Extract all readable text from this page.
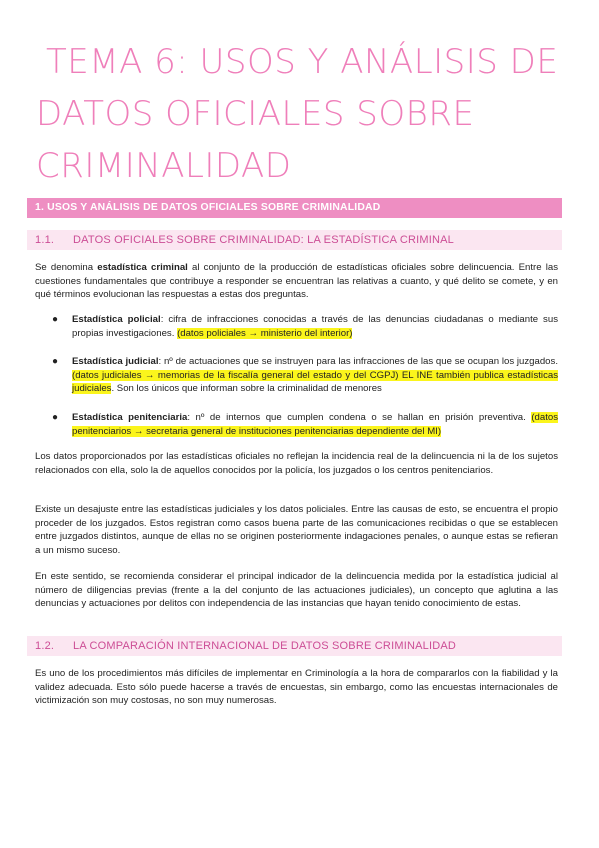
TEMA 6: USOS Y ANÁLISIS DE
DATOS OFICIALES SOBRE
CRIMINALIDAD
1. USOS Y ANÁLISIS DE DATOS OFICIALES SOBRE CRIMINALIDAD
1.1. DATOS OFICIALES SOBRE CRIMINALIDAD: LA ESTADÍSTICA CRIMINAL
Se denomina estadística criminal al conjunto de la producción de estadísticas oficiales sobre delincuencia. Entre las cuestiones fundamentales que contribuye a responder se encuentran las relativas a cuanto, y qué delito se comete, y en qué términos evolucionan las respuestas a estas dos preguntas.
● Estadística policial: cifra de infracciones conocidas a través de las denuncias ciudadanas o mediante sus propias investigaciones. (datos policiales → ministerio del interior)
● Estadística judicial: nº de actuaciones que se instruyen para las infracciones de las que se ocupan los juzgados. (datos judiciales → memorias de la fiscalía general del estado y del CGPJ) EL INE también publica estadísticas judiciales. Son los únicos que informan sobre la criminalidad de menores
● Estadística penitenciaria: nº de internos que cumplen condena o se hallan en prisión preventiva. (datos penitenciarios → secretaria general de instituciones penitenciarias dependiente del MI)
Los datos proporcionados por las estadísticas oficiales no reflejan la incidencia real de la delincuencia ni la de los sujetos relacionados con ella, solo la de aquellos conocidos por la policía, los juzgados o los centros penitenciarios.
Existe un desajuste entre las estadísticas judiciales y los datos policiales. Entre las causas de esto, se encuentra el propio proceder de los juzgados. Estos registran como casos buena parte de las comunicaciones recibidas o que se establecen entre juzgados distintos, aunque de ellas no se originen posteriormente indagaciones penales, o aunque estas se refieran a un mismo suceso.
En este sentido, se recomienda considerar el principal indicador de la delincuencia medida por la estadística judicial al número de diligencias previas (frente a la del conjunto de las actuaciones judiciales), un concepto que aglutina a las denuncias y actuaciones por delitos con independencia de las instancias que hayan tenido conocimiento de estas.
1.2. LA COMPARACIÓN INTERNACIONAL DE DATOS SOBRE CRIMINALIDAD
Es uno de los procedimientos más difíciles de implementar en Criminología a la hora de compararlos con la fiabilidad y la validez adecuada. Esto sólo puede hacerse a través de encuestas, sin embargo, como las encuestas internacionales de victimización son muy costosas, no son muy numerosas.
